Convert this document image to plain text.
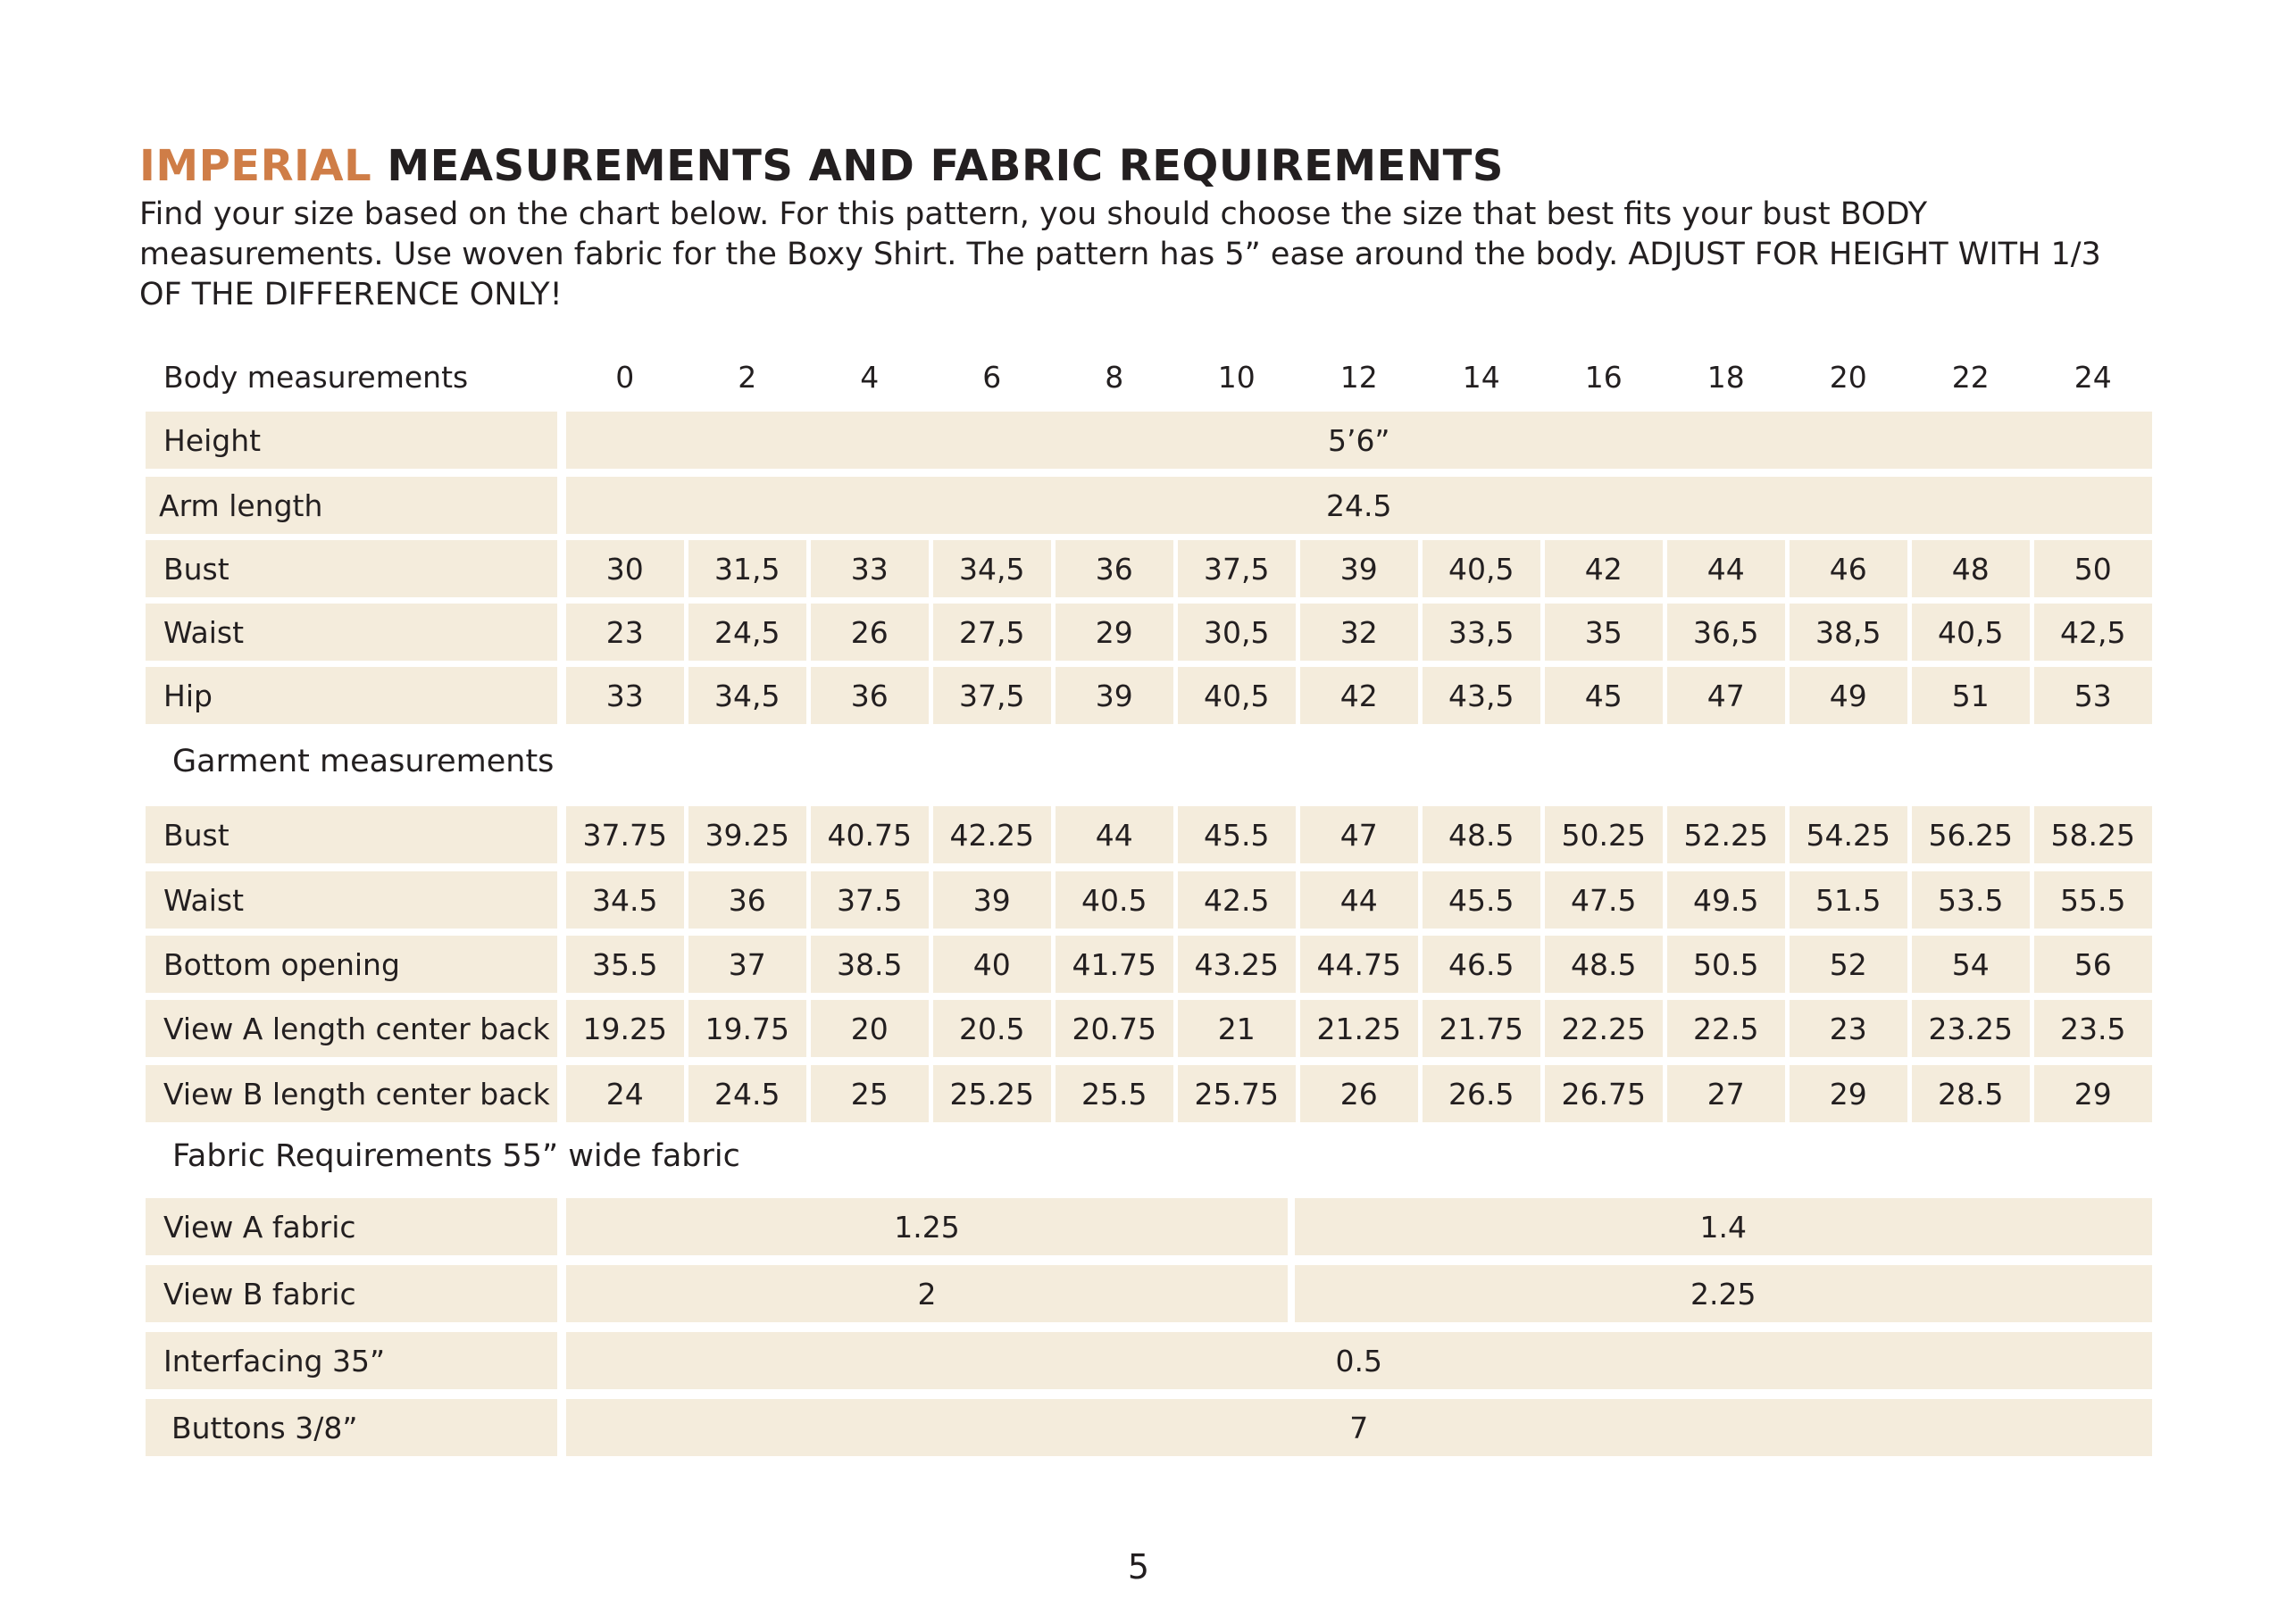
IMPERIAL MEASUREMENTS AND FABRIC REQUIREMENTS
Find your size based on the chart below. For this pattern, you should choose the size that best fits your bust BODY measurements. Use woven fabric for the Boxy Shirt. The pattern has 5” ease around the body. ADJUST FOR HEIGHT WITH 1/3 OF THE DIFFERENCE ONLY!
Body measurements	0	2	4	6	8	10	12	14	16	18	20	22	24
Height	5’6”
Arm length	24.5
Bust	30	31,5	33	34,5	36	37,5	39	40,5	42	44	46	48	50
Waist	23	24,5	26	27,5	29	30,5	32	33,5	35	36,5	38,5	40,5	42,5
Hip	33	34,5	36	37,5	39	40,5	42	43,5	45	47	49	51	53
Garment measurements
Bust	37.75	39.25	40.75	42.25	44	45.5	47	48.5	50.25	52.25	54.25	56.25	58.25
Waist	34.5	36	37.5	39	40.5	42.5	44	45.5	47.5	49.5	51.5	53.5	55.5
Bottom opening	35.5	37	38.5	40	41.75	43.25	44.75	46.5	48.5	50.5	52	54	56
View A length center back	19.25	19.75	20	20.5	20.75	21	21.25	21.75	22.25	22.5	23	23.25	23.5
View B length center back	24	24.5	25	25.25	25.5	25.75	26	26.5	26.75	27	29	28.5	29
Fabric Requirements 55” wide fabric
View A fabric	1.25	1.4
View B fabric	2	2.25
Interfacing 35”	0.5
Buttons 3/8”	7
5
